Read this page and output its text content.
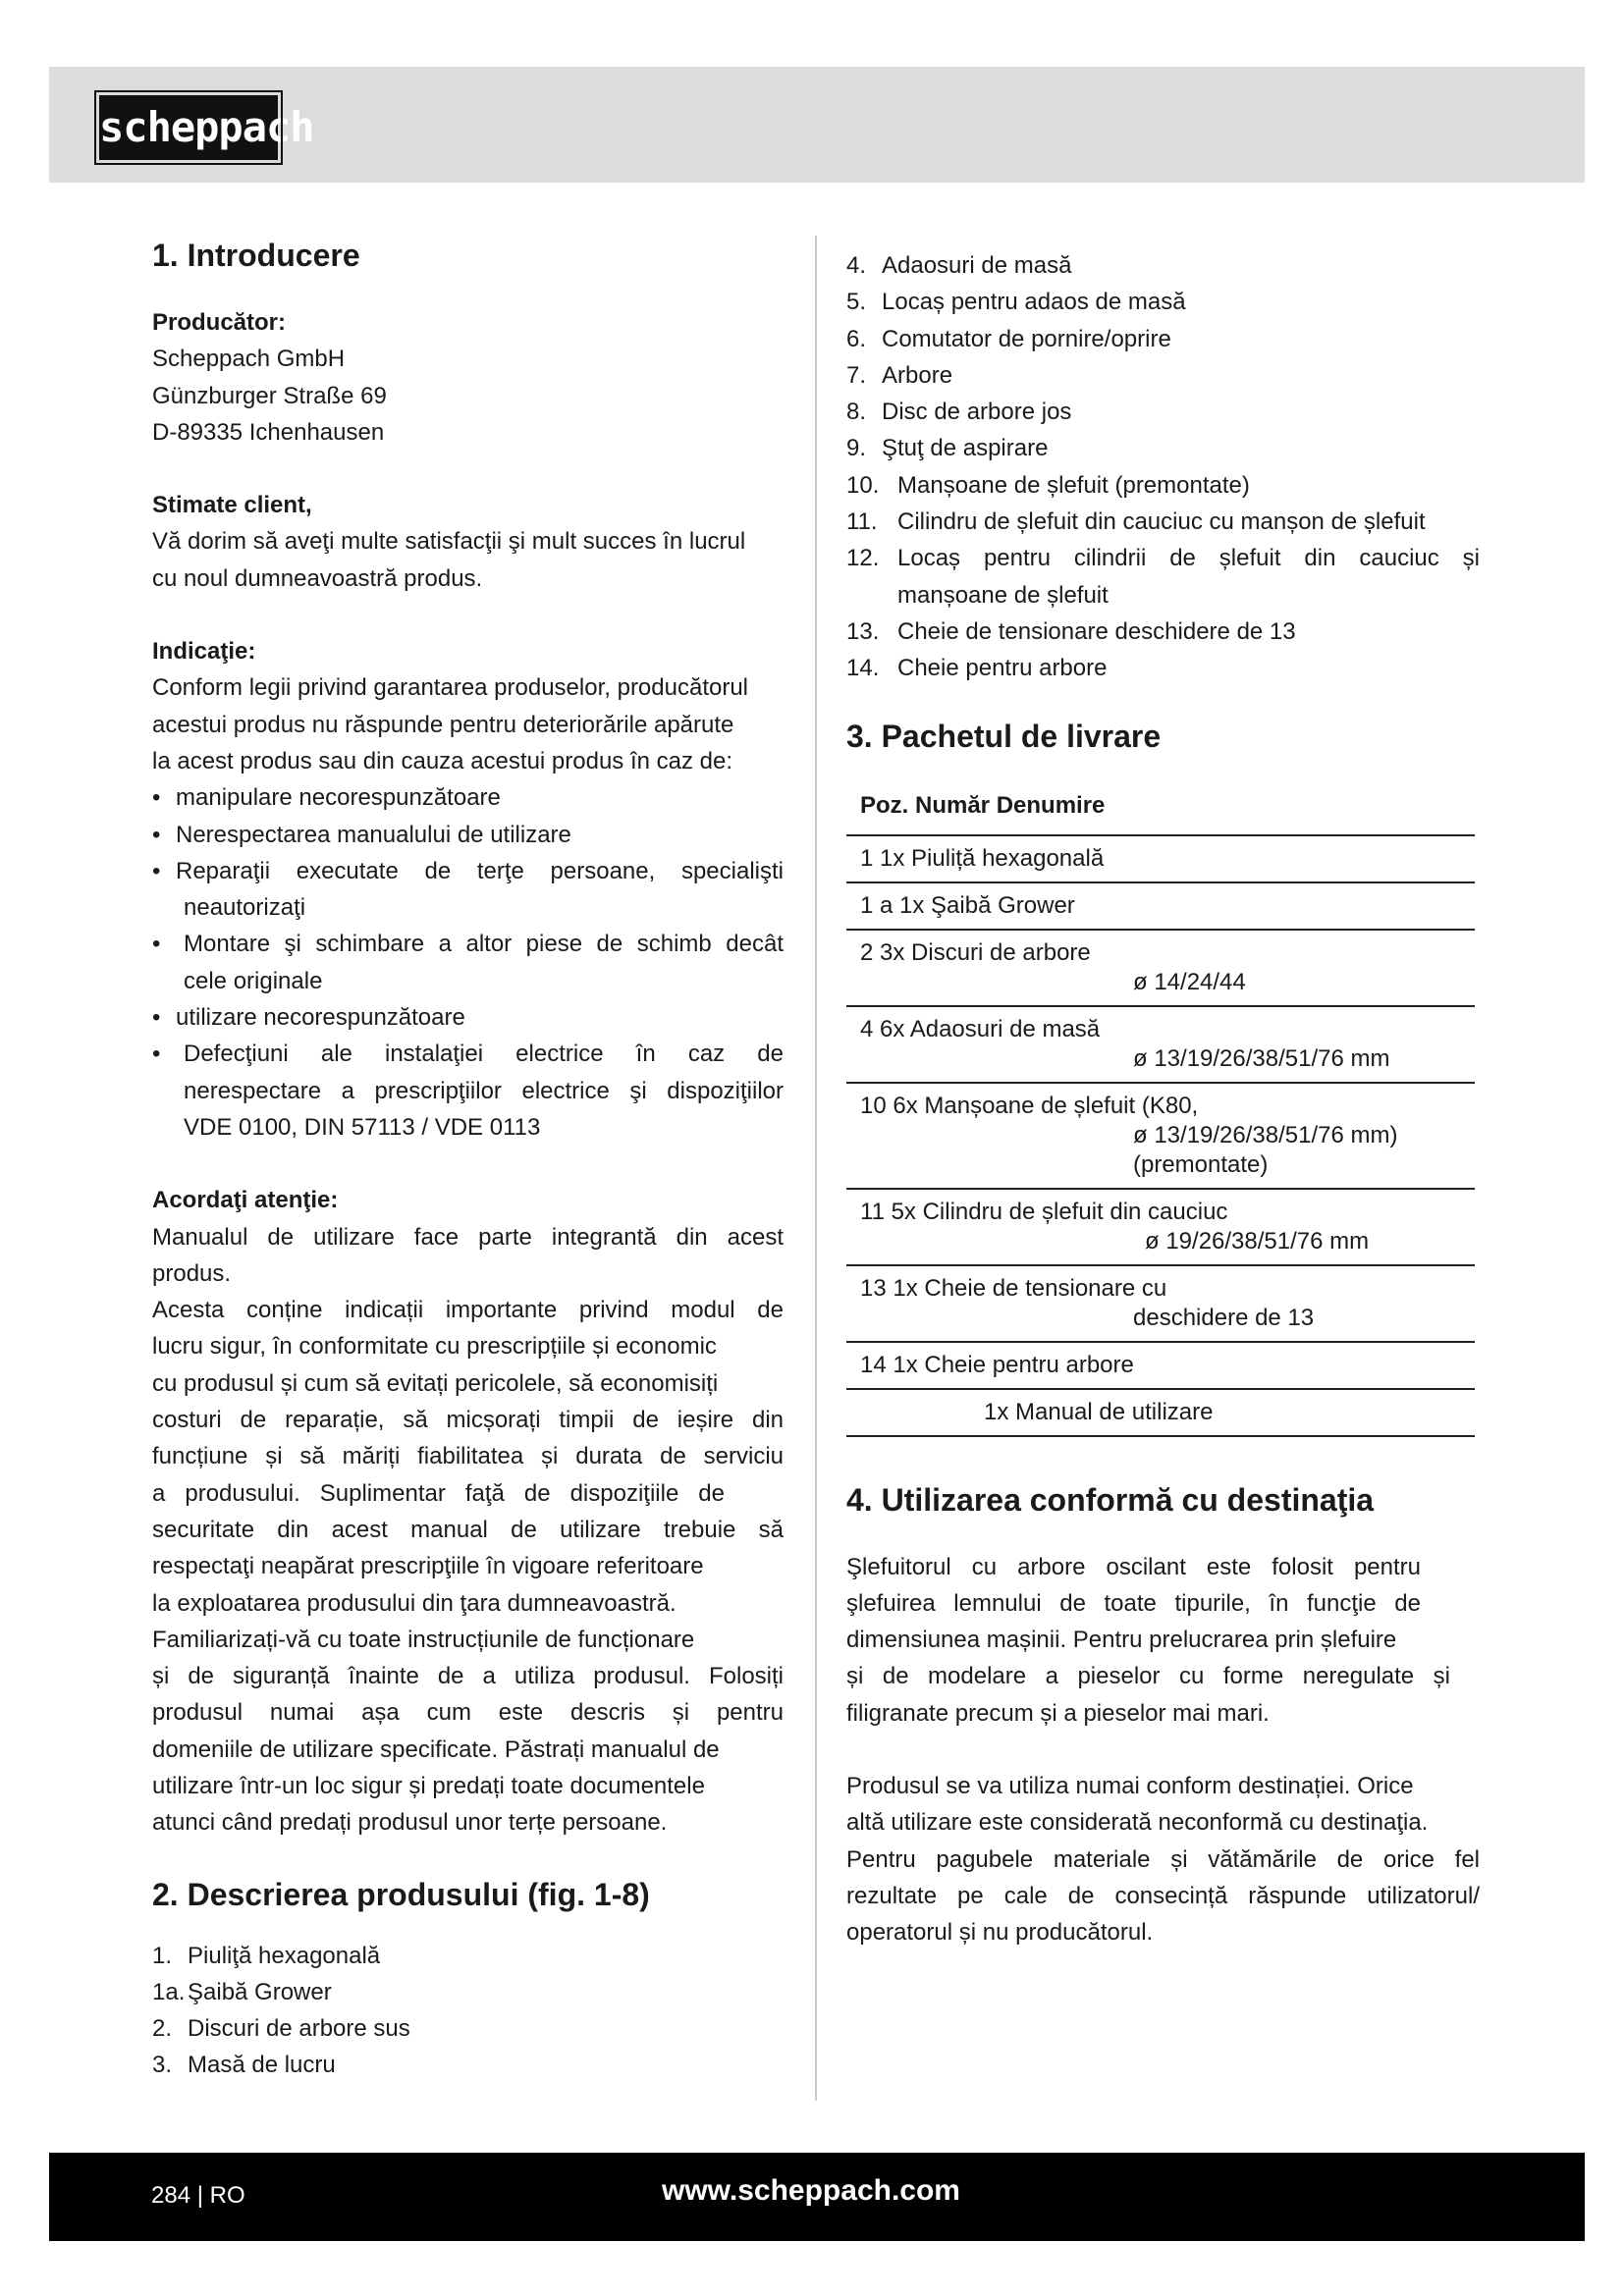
scheppach
1. Introducere
Producător:
Scheppach GmbH
Günzburger Straße 69
D-89335 Ichenhausen
Stimate client,
Vă dorim să aveţi multe satisfacţii şi mult succes în lucrul
cu noul dumneavoastră produs.
Indicaţie:
Conform legii privind garantarea produselor, producătorul
acestui produs nu răspunde pentru deteriorările apărute
la acest produs sau din cauza acestui produs în caz de:
• manipulare necorespunzătoare
• Nerespectarea manualului de utilizare
• Reparaţii executate de terţe persoane, specialişti
neautorizaţi
• Montare şi schimbare a altor piese de schimb decât
cele originale
• utilizare necorespunzătoare
• Defecţiuni ale instalaţiei electrice în caz de
nerespectare a prescripţiilor electrice şi dispoziţiilor
VDE 0100, DIN 57113 / VDE 0113
Acordaţi atenţie:
Manualul de utilizare face parte integrantă din acest
produs.
Acesta conține indicații importante privind modul de
lucru sigur, în conformitate cu prescripțiile și economic
cu produsul și cum să evitați pericolele, să economisiți
costuri de reparație, să micșorați timpii de ieșire din
funcțiune și să măriți fiabilitatea și durata de serviciu
a produsului. Suplimentar faţă de dispoziţiile de
securitate din acest manual de utilizare trebuie să
respectaţi neapărat prescripţiile în vigoare referitoare
la exploatarea produsului din ţara dumneavoastră.
Familiarizați-vă cu toate instrucțiunile de funcționare
și de siguranță înainte de a utiliza produsul. Folosiți
produsul numai așa cum este descris și pentru
domeniile de utilizare specificate. Păstrați manualul de
utilizare într-un loc sigur și predați toate documentele
atunci când predați produsul unor terțe persoane.
2. Descrierea produsului (fig. 1-8)
1. Piuliţă hexagonală
1a. Şaibă Grower
2. Discuri de arbore sus
3. Masă de lucru
4. Adaosuri de masă
5. Locaș pentru adaos de masă
6. Comutator de pornire/oprire
7. Arbore
8. Disc de arbore jos
9. Ştuţ de aspirare
10. Manșoane de șlefuit (premontate)
11. Cilindru de șlefuit din cauciuc cu manșon de șlefuit
12. Locaș pentru cilindrii de șlefuit din cauciuc și
manșoane de șlefuit
13. Cheie de tensionare deschidere de 13
14. Cheie pentru arbore
3. Pachetul de livrare
Poz. Număr Denumire
1 1x Piuliță hexagonală
1 a 1x Şaibă Grower
2 3x Discuri de arbore
ø 14/24/44
4 6x Adaosuri de masă
ø 13/19/26/38/51/76 mm
10 6x Manșoane de șlefuit (K80,
ø 13/19/26/38/51/76 mm)
(premontate)
11 5x Cilindru de șlefuit din cauciuc
ø 19/26/38/51/76 mm
13 1x Cheie de tensionare cu
deschidere de 13
14 1x Cheie pentru arbore
1x Manual de utilizare
4. Utilizarea conformă cu destinaţia
Şlefuitorul cu arbore oscilant este folosit pentru
şlefuirea lemnului de toate tipurile, în funcţie de
dimensiunea mașinii. Pentru prelucrarea prin șlefuire
și de modelare a pieselor cu forme neregulate și
filigranate precum și a pieselor mai mari.
Produsul se va utiliza numai conform destinației. Orice
altă utilizare este considerată neconformă cu destinaţia.
Pentru pagubele materiale și vătămările de orice fel
rezultate pe cale de consecință răspunde utilizatorul/
operatorul și nu producătorul.
284 | RO	www.scheppach.com
